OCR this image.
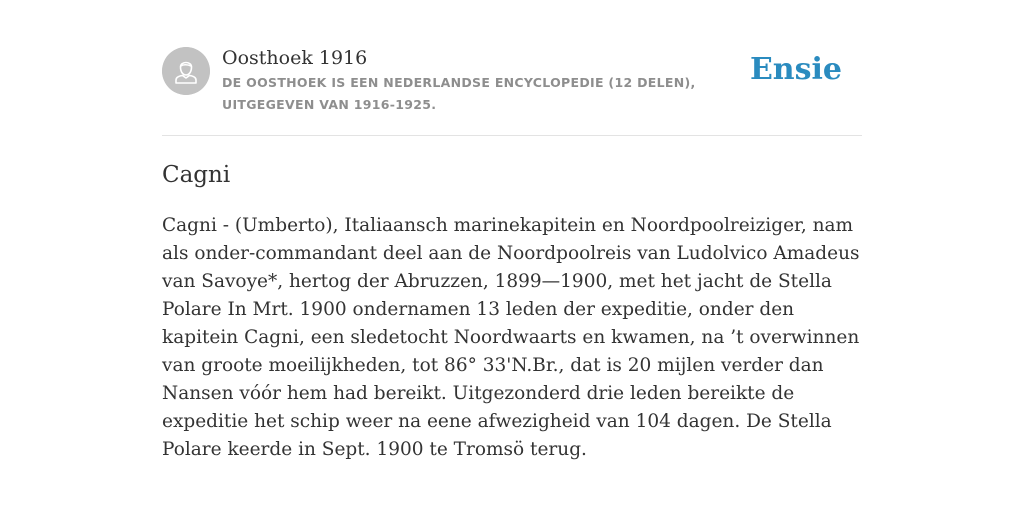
Oosthoek 1916
DE OOSTHOEK IS EEN NEDERLANDSE ENCYCLOPEDIE (12 DELEN), UITGEGEVEN VAN 1916-1925.
Ensie
Cagni

Cagni - (Umberto), Italiaansch marinekapitein en Noordpoolreiziger, nam als onder-commandant deel aan de Noordpoolreis van Ludolvico Amadeus van Savoye*, hertog der Abruzzen, 1899—1900, met het jacht de Stella Polare In Mrt. 1900 ondernamen 13 leden der expeditie, onder den kapitein Cagni, een sledetocht Noordwaarts en kwamen, na ’t overwinnen van groote moeilijkheden, tot 86° 33'N.Br., dat is 20 mijlen verder dan Nansen vóór hem had bereikt. Uitgezonderd drie leden bereikte de expeditie het schip weer na eene afwezigheid van 104 dagen. De Stella Polare keerde in Sept. 1900 te Tromsö terug.
